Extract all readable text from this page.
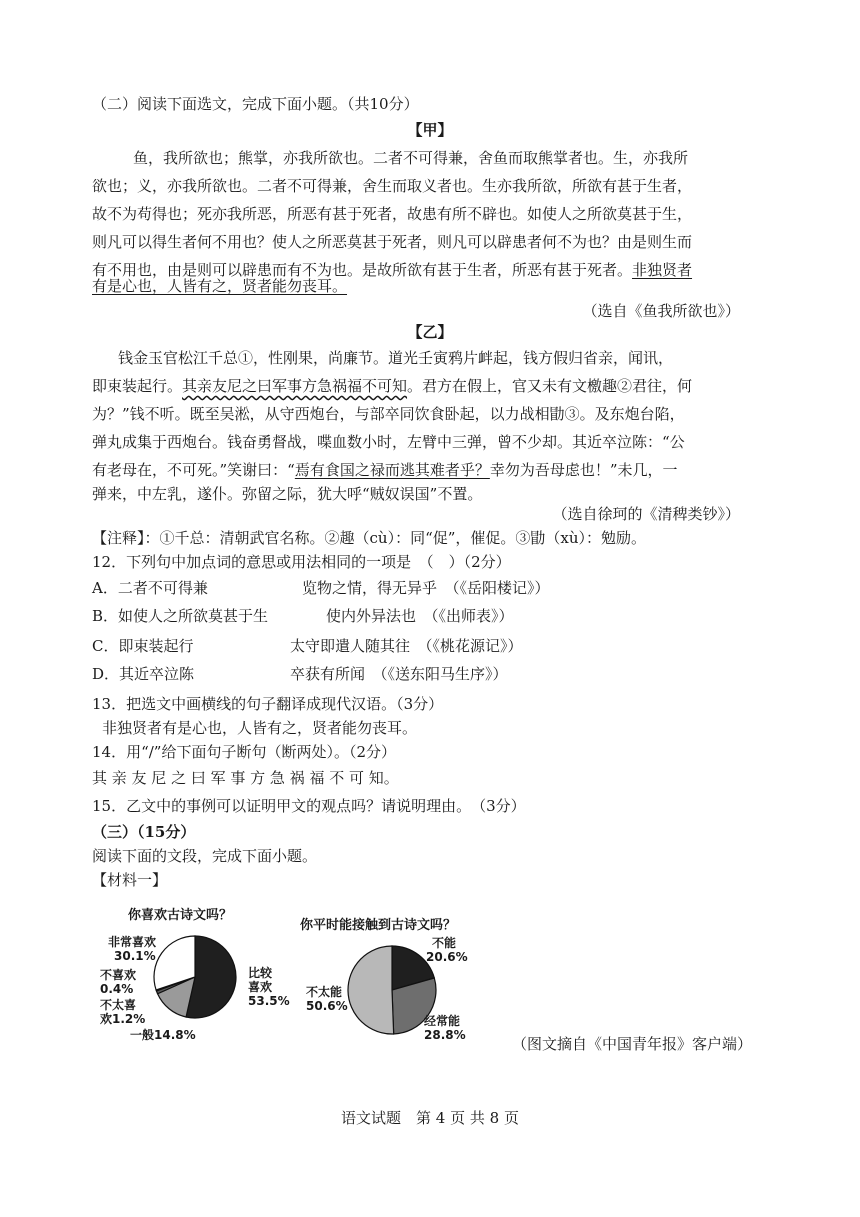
（二）阅读下面选文，完成下面小题。（共10分）
【甲】
鱼，我所欲也；熊掌，亦我所欲也。二者不可得兼，舍鱼而取熊掌者也。生，亦我所
欲也；义，亦我所欲也。二者不可得兼，舍生而取义者也。生亦我所欲，所欲有甚于生者，
故不为苟得也；死亦我所恶，所恶有甚于死者，故患有所不辟也。如使人之所欲莫甚于生，
则凡可以得生者何不用也？使人之所恶莫甚于死者，则凡可以辟患者何不为也？由是则生而
有不用也，由是则可以辟患而有不为也。是故所欲有甚于生者，所恶有甚于死者。非独贤者
有是心也，人皆有之，贤者能勿丧耳。
（选自《鱼我所欲也》）
【乙】
钱金玉官松江千总①，性刚果，尚廉节。道光壬寅鸦片衅起，钱方假归省亲，闻讯，
即束装起行。其亲友尼之曰军事方急祸福不可知。君方在假上，官又未有文檄趣②君往，何
为？”钱不听。既至吴淞，从守西炮台，与部卒同饮食卧起，以力战相勖③。及东炮台陷，
弹丸成集于西炮台。钱奋勇督战，喋血数小时，左臂中三弹，曾不少却。其近卒泣陈：“公
有老母在，不可死。”笑谢曰：“焉有食国之禄而逃其难者乎？幸勿为吾母虑也！”未几，一
弹来，中左乳，遂仆。弥留之际，犹大呼“贼奴误国”不置。
（选自徐珂的《清稗类钞》）
【注释】：①千总：清朝武官名称。②趣（cù）：同“促”，催促。③勖（xù）：勉励。
12．下列句中加点词的意思或用法相同的一项是　（　）（2分）
A．二者不可得兼	览物之情，得无异乎　（《岳阳楼记》）
B．如使人之所欲莫甚于生	使内外异法也　（《出师表》）
C．即束装起行	太守即遣人随其往　（《桃花源记》）
D．其近卒泣陈	卒获有所闻　（《送东阳马生序》）
13．把选文中画横线的句子翻译成现代汉语。（3分）
非独贤者有是心也，人皆有之，贤者能勿丧耳。
14．用“/”给下面句子断句（断两处）。（2分）
其 亲 友 尼 之 曰 军 事 方 急 祸 福 不 可 知。
15．乙文中的事例可以证明甲文的观点吗？请说明理由。　（3分）
（三）（15分）
阅读下面的文段，完成下面小题。
【材料一】
你喜欢古诗文吗？
非常喜欢
30.1%
不喜欢
0.4%
不太喜
欢1.2%
一般14.8%
比较
喜欢
53.5%
你平时能接触到古诗文吗？
不能
20.6%
不太能
50.6%
经常能
28.8%	（图文摘自《中国青年报》客户端）
语文试题　第 4 页 共 8 页
